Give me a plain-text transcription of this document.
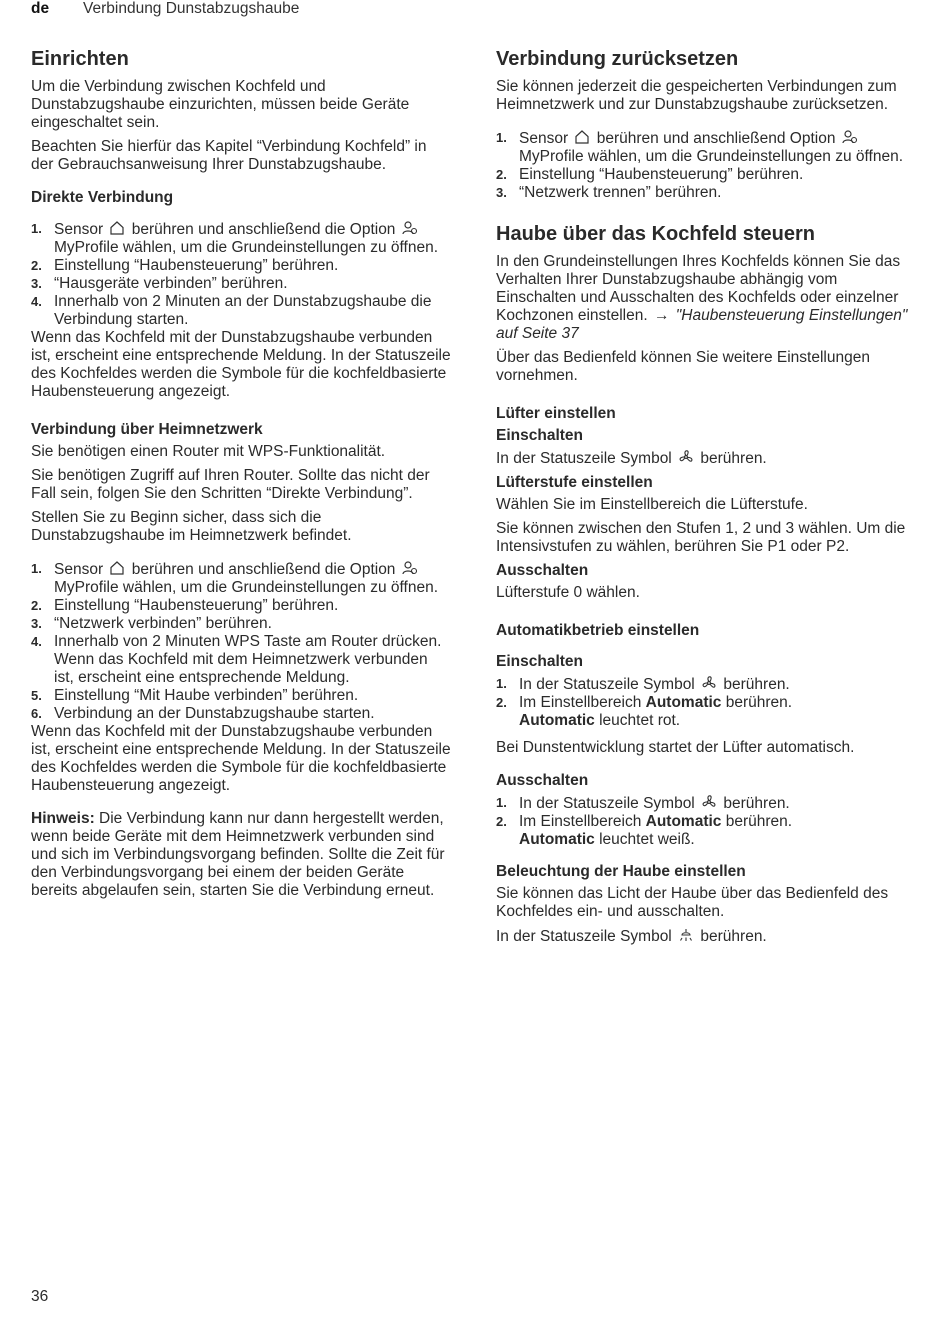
de Verbindung Dunstabzugshaube
Einrichten

Um die Verbindung zwischen Kochfeld und Dunstabzugshaube einzurichten, müssen beide Geräte eingeschaltet sein.

Beachten Sie hierfür das Kapitel “Verbindung Kochfeld” in der Gebrauchsanweisung Ihrer Dunstabzugshaube.

Direkte Verbindung
1. Sensor berühren und anschließend die Option  MyProfile wählen, um die Grundeinstellungen zu öffnen.
2. Einstellung “Haubensteuerung” berühren.
3. “Hausgeräte verbinden” berühren.
4. Innerhalb von 2 Minuten an der Dunstabzugshaube die Verbindung starten.

Wenn das Kochfeld mit der Dunstabzugshaube verbunden ist, erscheint eine entsprechende Meldung. In der Statuszeile des Kochfeldes werden die Symbole für die kochfeldbasierte Haubensteuerung angezeigt.

Verbindung über Heimnetzwerk

Sie benötigen einen Router mit WPS-Funktionalität.

Sie benötigen Zugriff auf Ihren Router. Sollte das nicht der Fall sein, folgen Sie den Schritten “Direkte Verbindung”.

Stellen Sie zu Beginn sicher, dass sich die Dunstabzugshaube im Heimnetzwerk befindet.

1. Sensor berühren und anschließend die Option  MyProfile wählen, um die Grundeinstellungen zu öffnen.
2. Einstellung “Haubensteuerung” berühren.
3. “Netzwerk verbinden” berühren.
4. Innerhalb von 2 Minuten WPS Taste am Router drücken.
Wenn das Kochfeld mit dem Heimnetzwerk verbunden ist, erscheint eine entsprechende Meldung.
5. Einstellung “Mit Haube verbinden” berühren.
6. Verbindung an der Dunstabzugshaube starten.

Wenn das Kochfeld mit der Dunstabzugshaube verbunden ist, erscheint eine entsprechende Meldung. In der Statuszeile des Kochfeldes werden die Symbole für die kochfeldbasierte Haubensteuerung angezeigt.

Hinweis: Die Verbindung kann nur dann hergestellt werden, wenn beide Geräte mit dem Heimnetzwerk verbunden sind und sich im Verbindungsvorgang befinden. Sollte die Zeit für den Verbindungsvorgang bei einem der beiden Geräte bereits abgelaufen sein, starten Sie die Verbindung erneut.

Verbindung zurücksetzen

Sie können jederzeit die gespeicherten Verbindungen zum Heimnetzwerk und zur Dunstabzugshaube zurücksetzen.

1. Sensor berühren und anschließend Option  MyProfile wählen, um die Grundeinstellungen zu öffnen.
2. Einstellung “Haubensteuerung” berühren.
3. “Netzwerk trennen” berühren.
Haube über das Kochfeld steuern

In den Grundeinstellungen Ihres Kochfelds können Sie das Verhalten Ihrer Dunstabzugshaube abhängig vom Einschalten und Ausschalten des Kochfelds oder einzelner Kochzonen einstellen. → "Haubensteuerung Einstellungen" auf Seite 37

Über das Bedienfeld können Sie weitere Einstellungen vornehmen.

Lüfter einstellen
Einschalten

In der Statuszeile Symbol berühren.

Lüfterstufe einstellen

Wählen Sie im Einstellbereich die Lüfterstufe.

Sie können zwischen den Stufen 1, 2 und 3 wählen. Um die Intensivstufen zu wählen, berühren Sie P1 oder P2.

Ausschalten

Lüfterstufe 0 wählen.

Automatikbetrieb einstellen
Einschalten
1. In der Statuszeile Symbol berühren.
2. Im Einstellbereich Automatic berühren.
Automatic leuchtet rot.

Bei Dunstentwicklung startet der Lüfter automatisch.

Ausschalten
1. In der Statuszeile Symbol berühren.
2. Im Einstellbereich Automatic berühren.
Automatic leuchtet weiß.
Beleuchtung der Haube einstellen

Sie können das Licht der Haube über das Bedienfeld des Kochfeldes ein- und ausschalten.

In der Statuszeile Symbol berühren.

36
